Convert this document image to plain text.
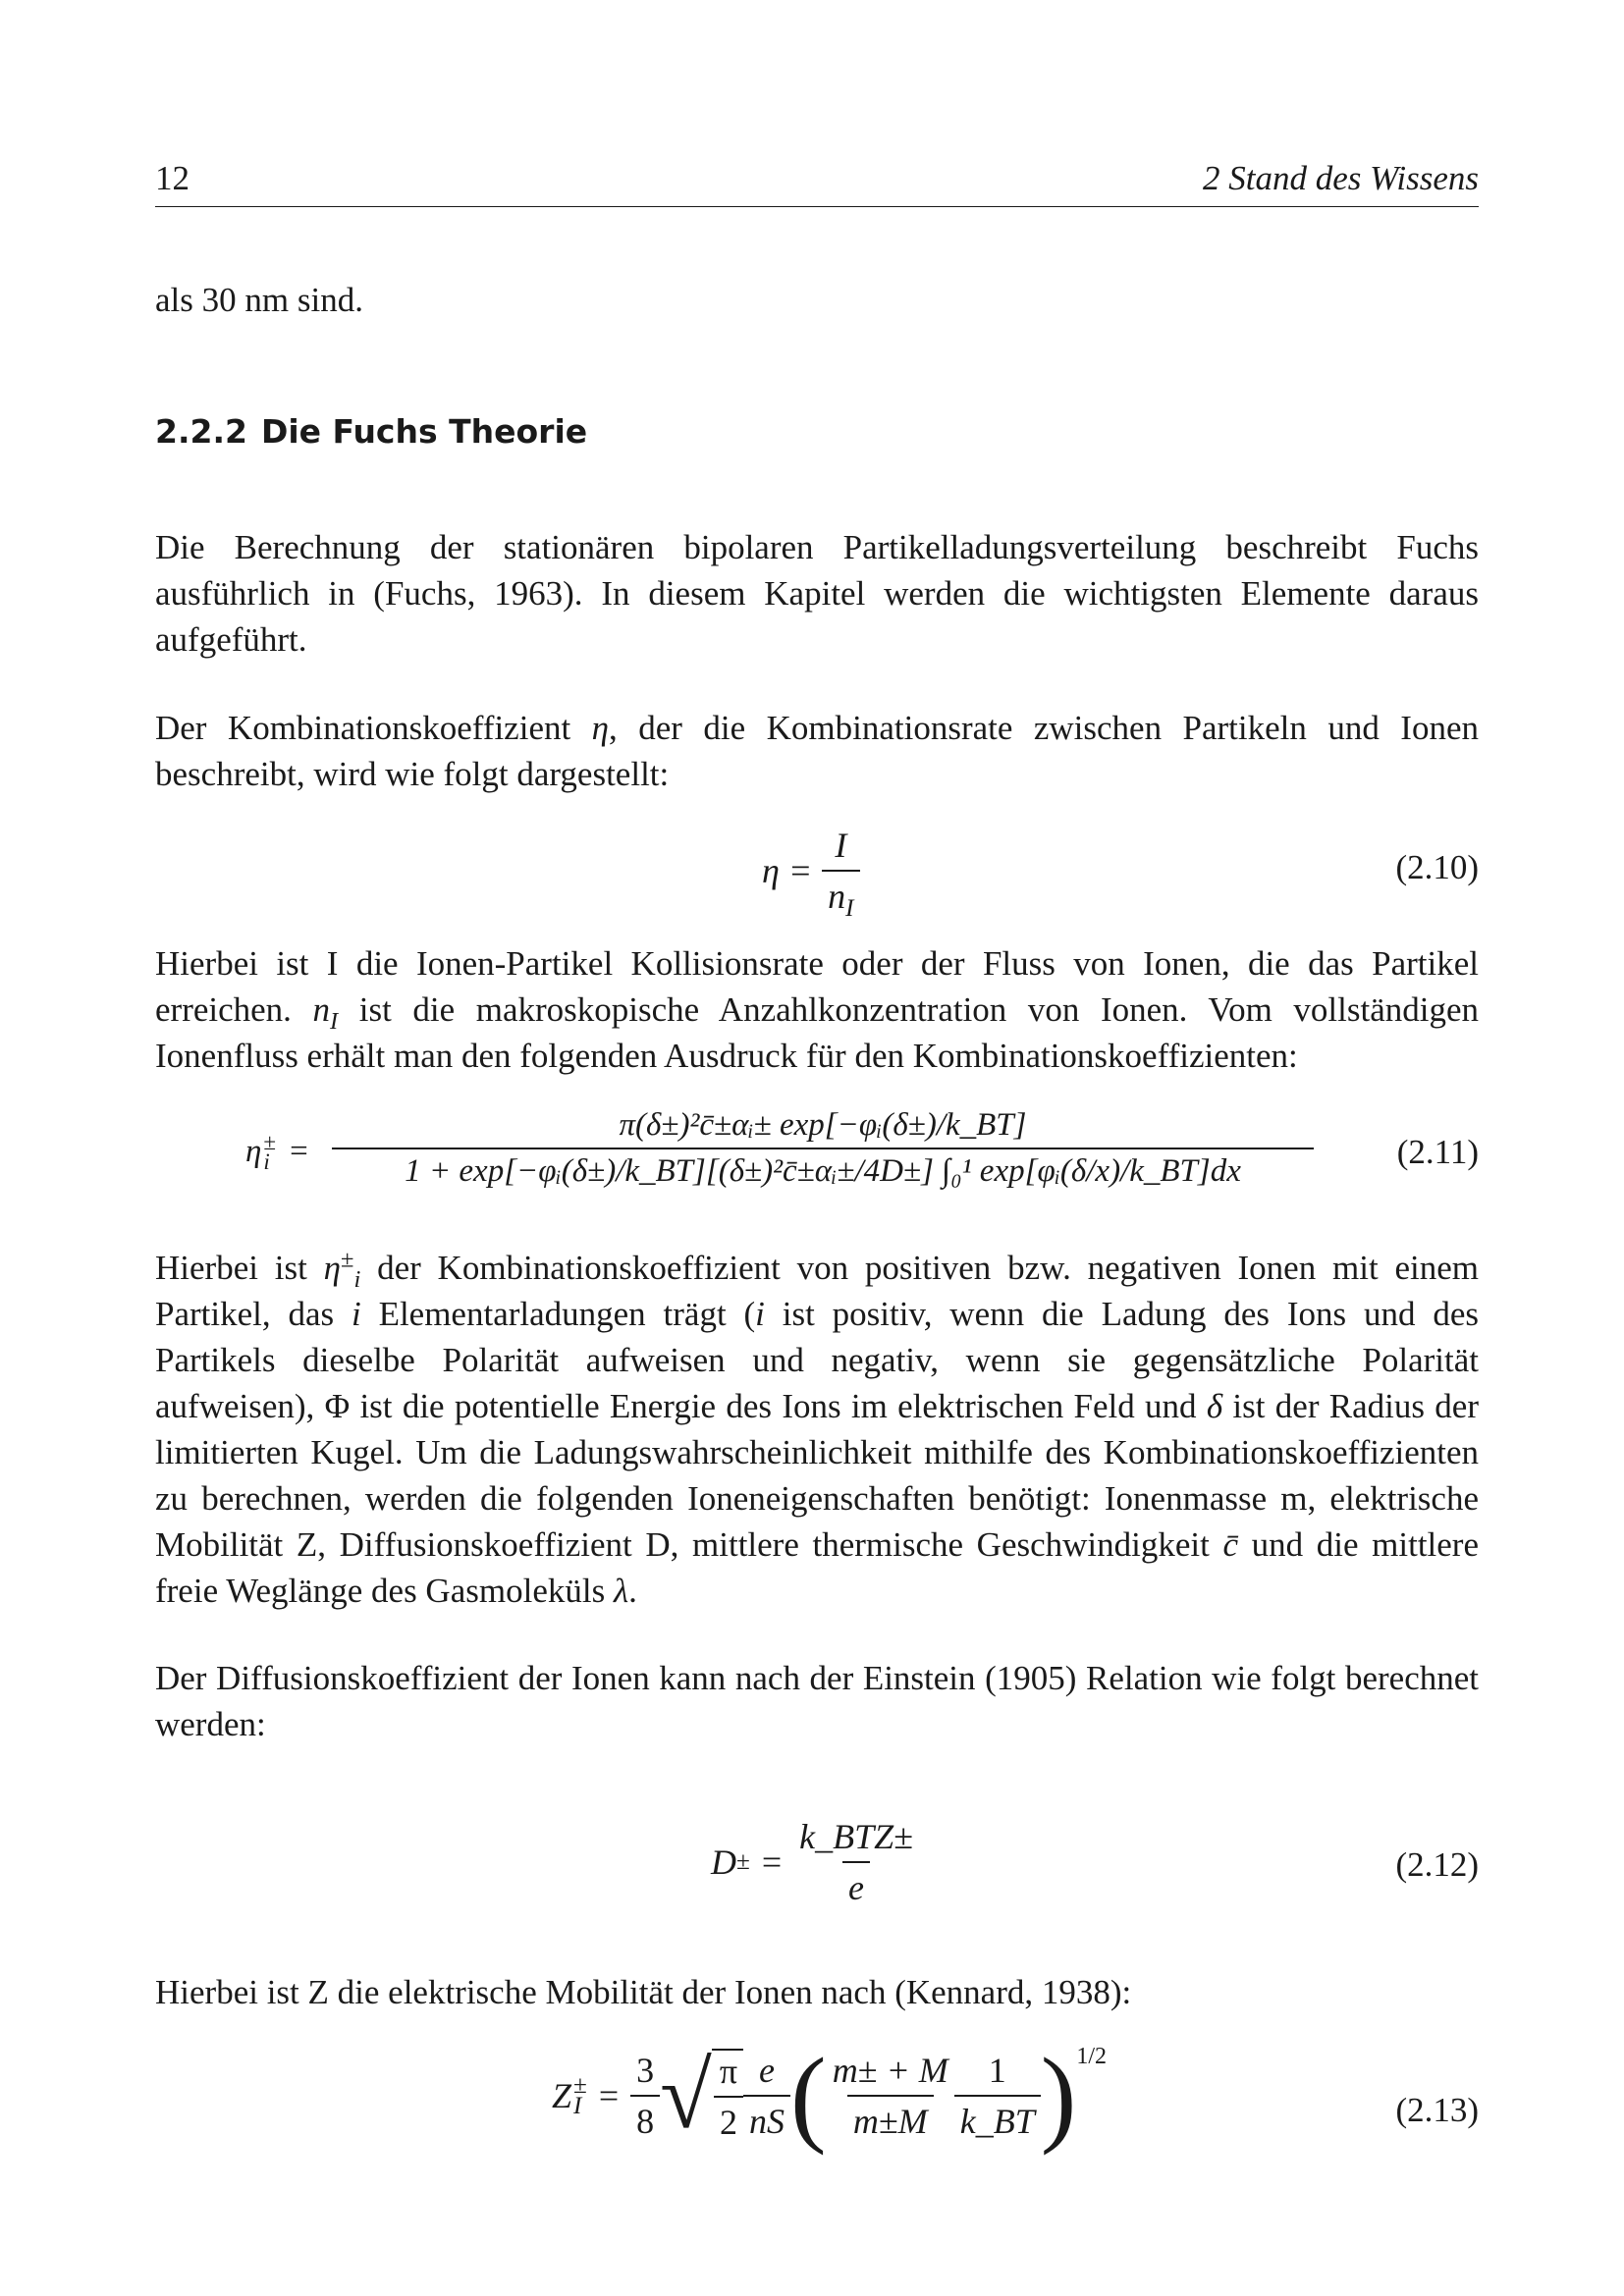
12	2 Stand des Wissens
als 30 nm sind.
2.2.2 Die Fuchs Theorie
Die Berechnung der stationären bipolaren Partikelladungsverteilung beschreibt Fuchs ausführlich in (Fuchs, 1963). In diesem Kapitel werden die wichtigsten Elemente daraus aufgeführt.
Der Kombinationskoeffizient η, der die Kombinationsrate zwischen Partikeln und Ionen beschreibt, wird wie folgt dargestellt:
$\eta = \frac{I}{n_I}$	(2.10)
Hierbei ist I die Ionen-Partikel Kollisionsrate oder der Fluss von Ionen, die das Partikel erreichen. $n_I$ ist die makroskopische Anzahlkonzentration von Ionen. Vom vollständigen Ionenfluss erhält man den folgenden Ausdruck für den Kombinationskoeffizienten:
η ±
i =
π(δ±)²c̄±αᵢ± exp[−φᵢ(δ±)/k_BT]
1 + exp[−φᵢ(δ±)/k_BT][(δ±)²c̄±αᵢ±/4D±] ∫₀¹ exp[φᵢ(δ/x)/k_BT]dx	(2.11)
Hierbei ist $\eta^\pm_i$ der Kombinationskoeffizient von positiven bzw. negativen Ionen mit einem Partikel, das i Elementarladungen trägt (i ist positiv, wenn die Ladung des Ions und des Partikels dieselbe Polarität aufweisen und negativ, wenn sie gegensätzliche Polarität aufweisen), Φ ist die potentielle Energie des Ions im elektrischen Feld und δ ist der Radius der limitierten Kugel. Um die Ladungswahrscheinlichkeit mithilfe des Kombinationskoeffizienten zu berechnen, werden die folgenden Ioneneigenschaften benötigt: Ionenmasse m, elektrische Mobilität Z, Diffusionskoeffizient D, mittlere thermische Geschwindigkeit c̄ und die mittlere freie Weglänge des Gasmoleküls λ.
Der Diffusionskoeffizient der Ionen kann nach der Einstein (1905) Relation wie folgt berechnet werden:
D ± = $\frac{\text{k\_BTZ±}}{e}$	(2.12)
Hierbei ist Z die elektrische Mobilität der Ionen nach (Kennard, 1938):
Z ±
$I = \frac{3}{8}$ √ $\frac{\pi}{2} \frac{e}{nS}$ ( $\frac{m\pm + M}{m\pm M} \frac{1}{k\_BT}$ ) 1/2
(2.13)
